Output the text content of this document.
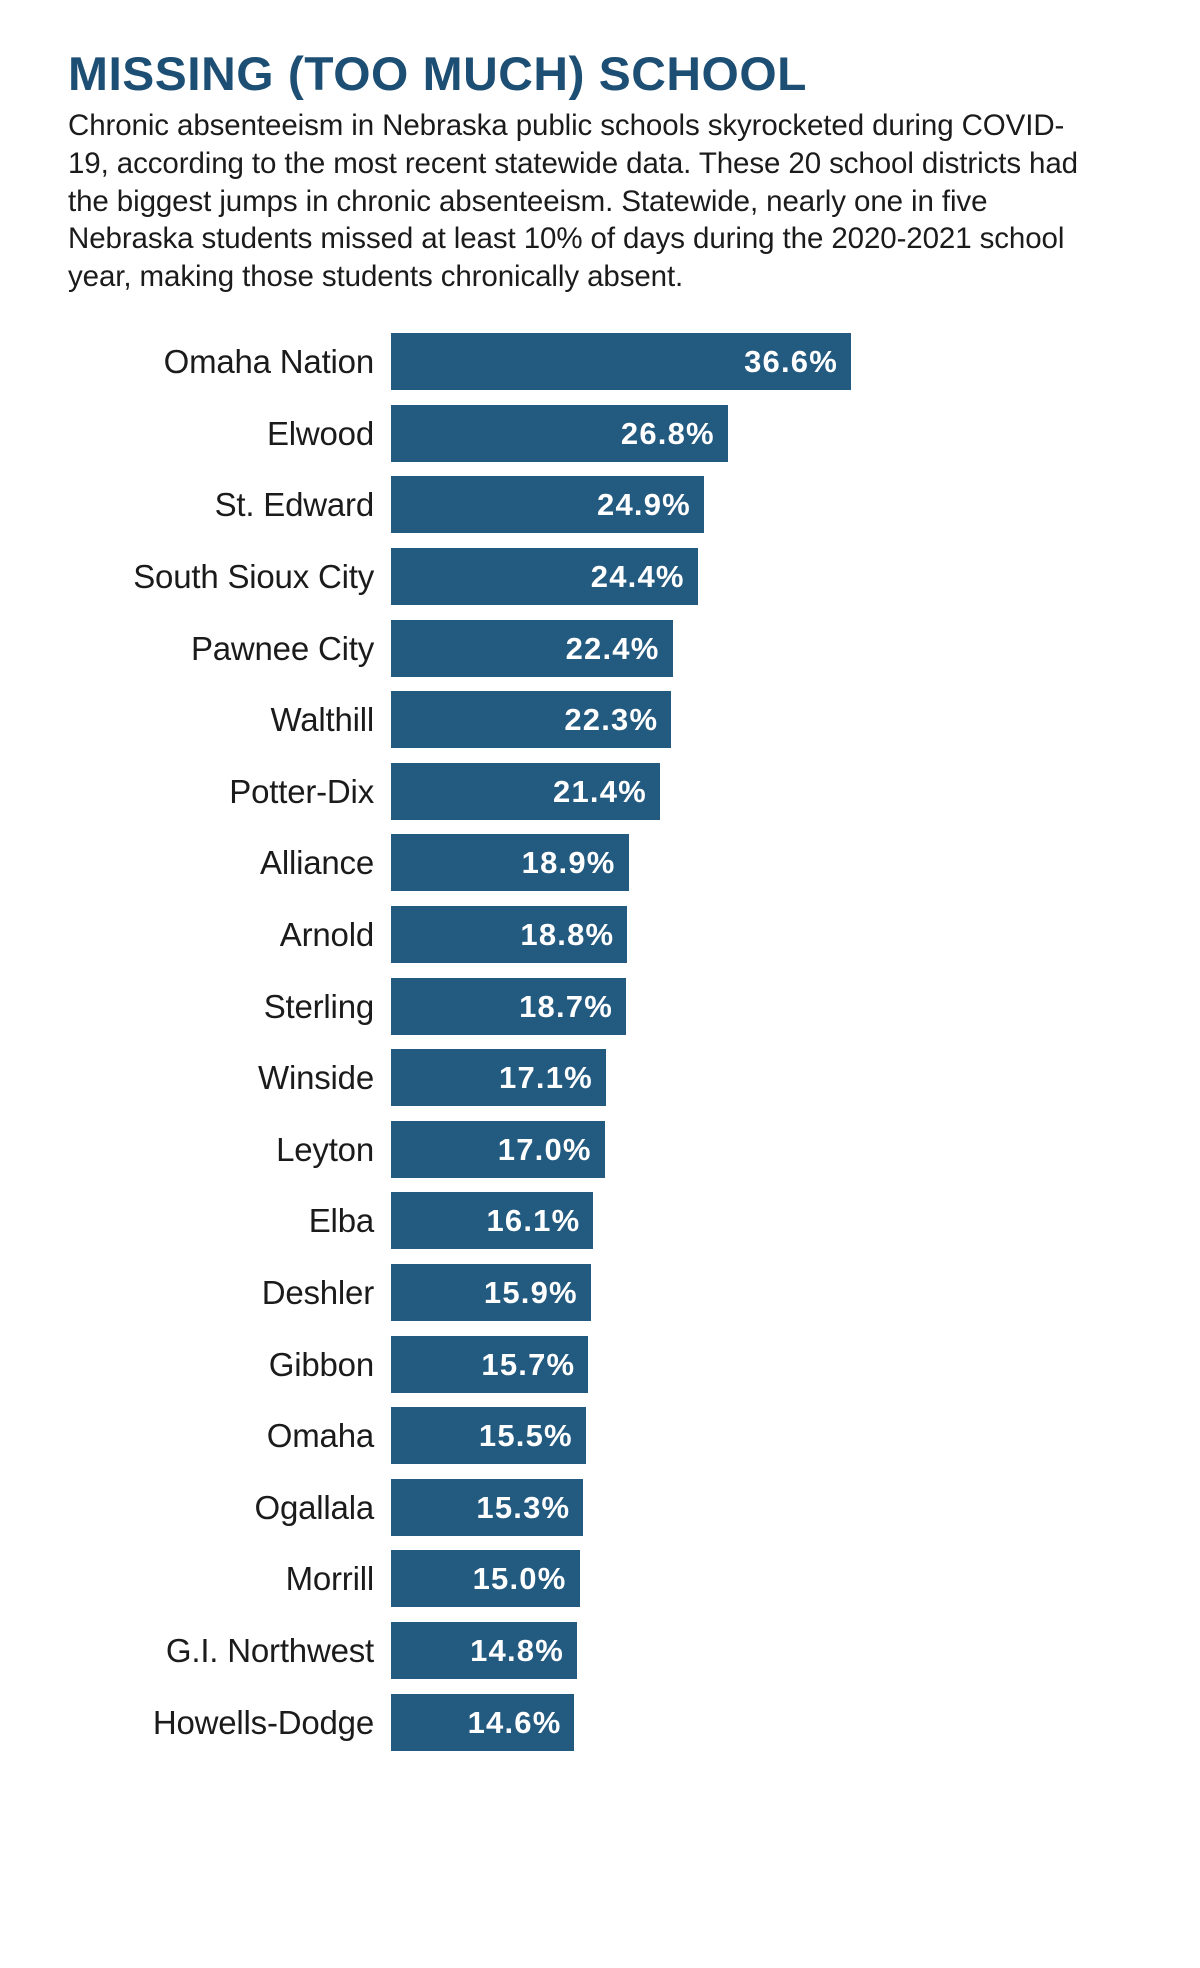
MISSING (TOO MUCH) SCHOOL

Chronic absenteeism in Nebraska public schools skyrocketed during COVID-19, according to the most recent statewide data. These 20 school districts had the biggest jumps in chronic absenteeism. Statewide, nearly one in five Nebraska students missed at least 10% of days during the 2020-2021 school year, making those students chronically absent.

Omaha Nation	36.6%
Elwood	26.8%
St. Edward	24.9%
South Sioux City	24.4%
Pawnee City	22.4%
Walthill	22.3%
Potter-Dix	21.4%
Alliance	18.9%
Arnold	18.8%
Sterling	18.7%
Winside	17.1%
Leyton	17.0%
Elba	16.1%
Deshler	15.9%
Gibbon	15.7%
Omaha	15.5%
Ogallala	15.3%
Morrill	15.0%
G.I. Northwest	14.8%
Howells-Dodge	14.6%
